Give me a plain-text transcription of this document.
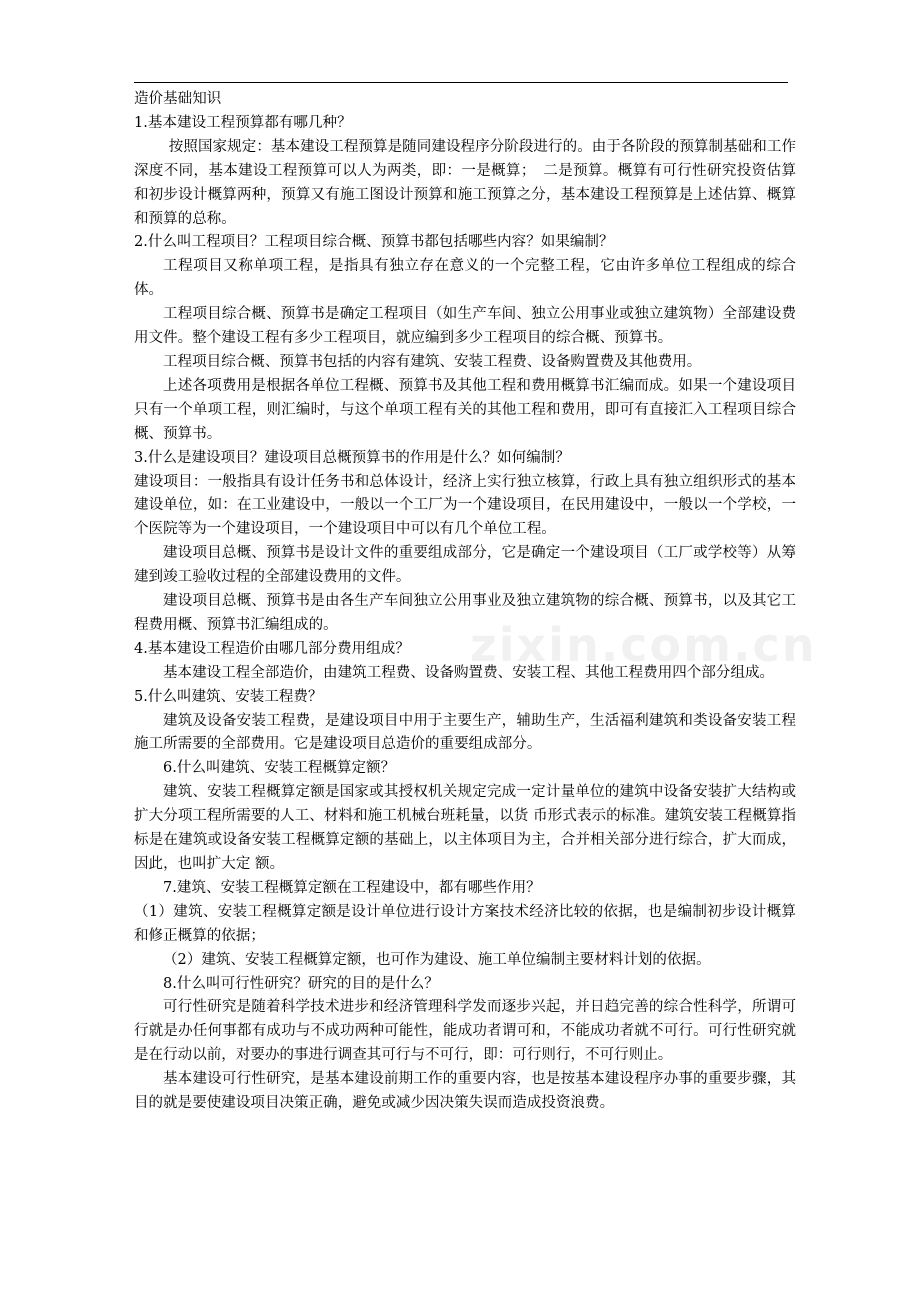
zixin.com.cn

造价基础知识

1.基本建设工程预算都有哪几种？

按照国家规定：基本建设工程预算是随同建设程序分阶段进行的。由于各阶段的预算制基础和工作深度不同，基本建设工程预算可以人为两类，即：一是概算；　二是预算。概算有可行性研究投资估算和初步设计概算两种，预算又有施工图设计预算和施工预算之分，基本建设工程预算是上述估算、概算和预算的总称。

2.什么叫工程项目？工程项目综合概、预算书都包括哪些内容？如果编制？

工程项目又称单项工程，是指具有独立存在意义的一个完整工程，它由许多单位工程组成的综合体。

工程项目综合概、预算书是确定工程项目（如生产车间、独立公用事业或独立建筑物）全部建设费用文件。整个建设工程有多少工程项目，就应编到多少工程项目的综合概、预算书。

工程项目综合概、预算书包括的内容有建筑、安装工程费、设备购置费及其他费用。

上述各项费用是根据各单位工程概、预算书及其他工程和费用概算书汇编而成。如果一个建设项目只有一个单项工程，则汇编时，与这个单项工程有关的其他工程和费用，即可有直接汇入工程项目综合概、预算书。

3.什么是建设项目？建设项目总概预算书的作用是什么？如何编制？

建设项目：一般指具有设计任务书和总体设计，经济上实行独立核算，行政上具有独立组织形式的基本建设单位，如：在工业建设中，一般以一个工厂为一个建设项目，在民用建设中，一般以一个学校，一个医院等为一个建设项目，一个建设项目中可以有几个单位工程。

建设项目总概、预算书是设计文件的重要组成部分，它是确定一个建设项目（工厂或学校等）从筹建到竣工验收过程的全部建设费用的文件。

建设项目总概、预算书是由各生产车间独立公用事业及独立建筑物的综合概、预算书，以及其它工程费用概、预算书汇编组成的。

4.基本建设工程造价由哪几部分费用组成？

基本建设工程全部造价，由建筑工程费、设备购置费、安装工程、其他工程费用四个部分组成。

5.什么叫建筑、安装工程费？

建筑及设备安装工程费，是建设项目中用于主要生产，辅助生产，生活福利建筑和类设备安装工程施工所需要的全部费用。它是建设项目总造价的重要组成部分。

6.什么叫建筑、安装工程概算定额？

建筑、安装工程概算定额是国家或其授权机关规定完成一定计量单位的建筑中设备安装扩大结构或扩大分项工程所需要的人工、材料和施工机械台班耗量，以货 币形式表示的标准。建筑安装工程概算指标是在建筑或设备安装工程概算定额的基础上，以主体项目为主，合并相关部分进行综合，扩大而成，因此，也叫扩大定 额。

7.建筑、安装工程概算定额在工程建设中，都有哪些作用？

（1）建筑、安装工程概算定额是设计单位进行设计方案技术经济比较的依据，也是编制初步设计概算和修正概算的依据；

（2）建筑、安装工程概算定额，也可作为建设、施工单位编制主要材料计划的依据。

8.什么叫可行性研究？研究的目的是什么？

可行性研究是随着科学技术进步和经济管理科学发而逐步兴起，并日趋完善的综合性科学，所谓可行就是办任何事都有成功与不成功两种可能性，能成功者谓可和，不能成功者就不可行。可行性研究就是在行动以前，对要办的事进行调查其可行与不可行，即：可行则行，不可行则止。

基本建设可行性研究，是基本建设前期工作的重要内容，也是按基本建设程序办事的重要步骤，其目的就是要使建设项目决策正确，避免或减少因决策失误而造成投资浪费。
